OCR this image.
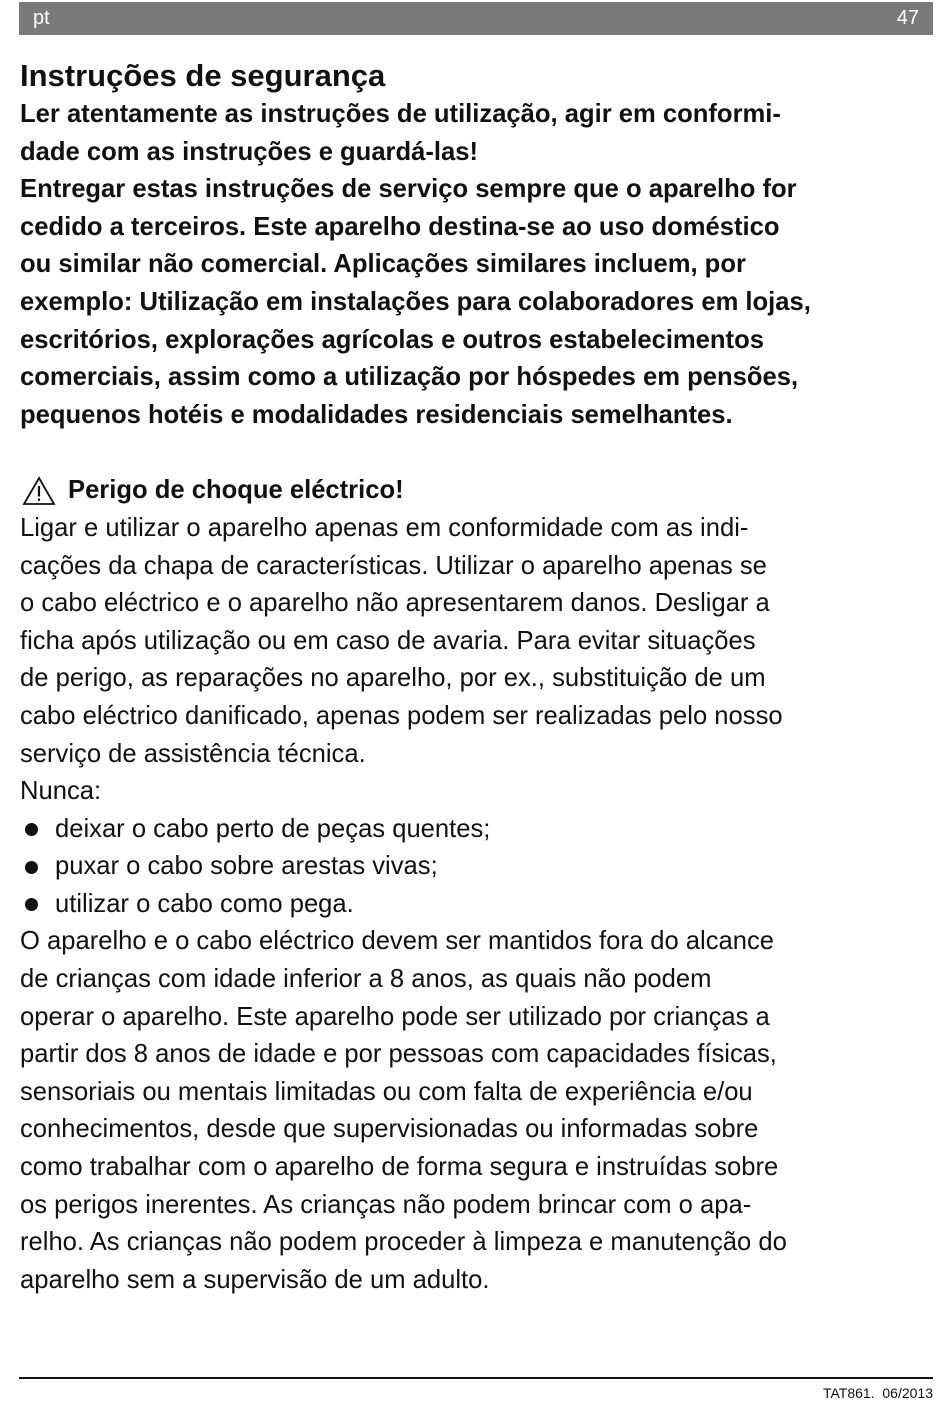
pt	47
Instruções de segurança
Ler atentamente as instruções de utilização, agir em conformi-
dade com as instruções e guardá-las!
Entregar estas instruções de serviço sempre que o aparelho for
cedido a terceiros. Este aparelho destina-se ao uso doméstico
ou similar não comercial. Aplicações similares incluem, por
exemplo: Utilização em instalações para colaboradores em lojas,
escritórios, explorações agrícolas e outros estabelecimentos
comerciais, assim como a utilização por hóspedes em pensões,
pequenos hotéis e modalidades residenciais semelhantes.
Perigo de choque eléctrico!
Ligar e utilizar o aparelho apenas em conformidade com as indi-
cações da chapa de características. Utilizar o aparelho apenas se
o cabo eléctrico e o aparelho não apresentarem danos. Desligar a
ficha após utilização ou em caso de avaria. Para evitar situações
de perigo, as reparações no aparelho, por ex., substituição de um
cabo eléctrico danificado, apenas podem ser realizadas pelo nosso
serviço de assistência técnica.
Nunca:
deixar o cabo perto de peças quentes;
puxar o cabo sobre arestas vivas;
utilizar o cabo como pega.
O aparelho e o cabo eléctrico devem ser mantidos fora do alcance
de crianças com idade inferior a 8 anos, as quais não podem
operar o aparelho. Este aparelho pode ser utilizado por crianças a
partir dos 8 anos de idade e por pessoas com capacidades físicas,
sensoriais ou mentais limitadas ou com falta de experiência e/ou
conhecimentos, desde que supervisionadas ou informadas sobre
como trabalhar com o aparelho de forma segura e instruídas sobre
os perigos inerentes. As crianças não podem brincar com o apa-
relho. As crianças não podem proceder à limpeza e manutenção do
aparelho sem a supervisão de um adulto.
TAT861. 06/2013
